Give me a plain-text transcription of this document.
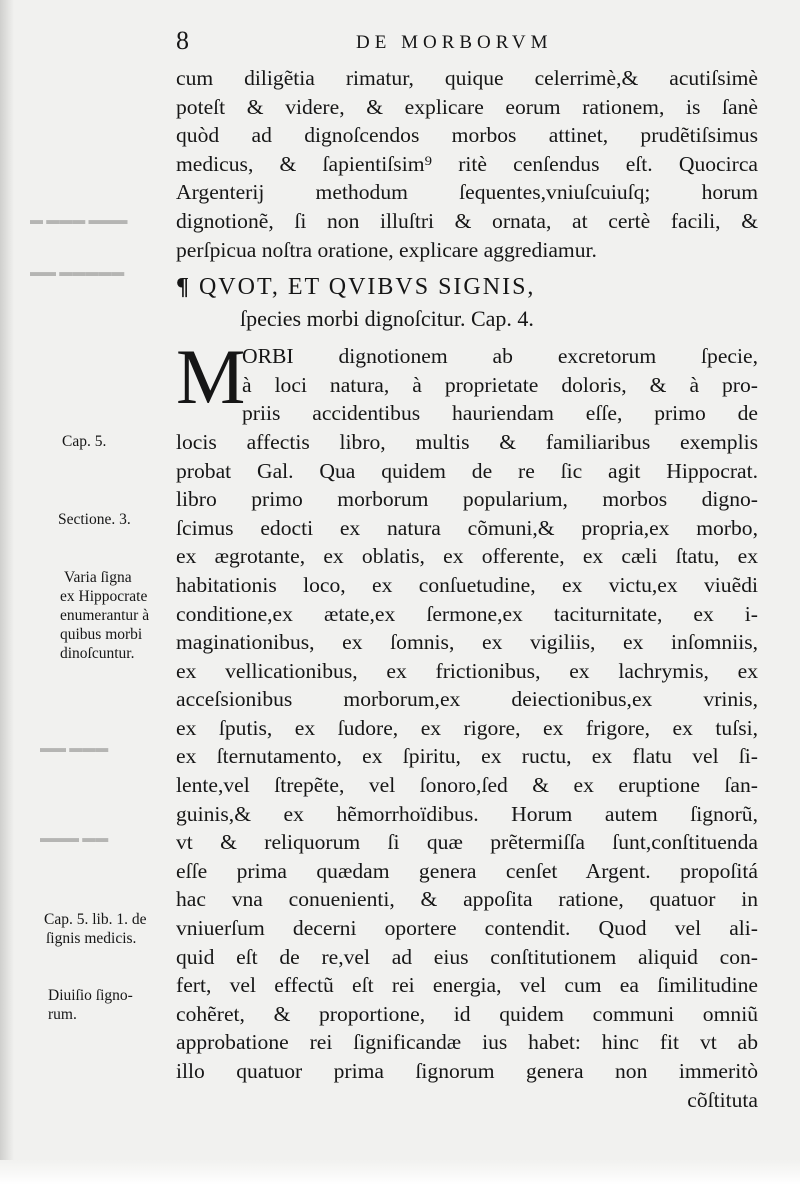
▬▬▬ ▬▬▬ ▬
▬▬▬▬▬ ▬▬
▬▬▬ ▬▬
▬▬ ▬▬▬
8	DE MORBORVM
cum diligẽtia rimatur, quique celerrimè,& acutiſsimè
poteſt & videre, & explicare eorum rationem, is ſanè
quòd ad dignoſcendos morbos attinet, prudẽtiſsimus
medicus, & ſapientiſsim⁹ ritè cenſendus eſt. Quocirca
Argenterij methodum ſequentes,vniuſcuiuſq; horum
dignotionẽ, ſi non illuſtri & ornata, at certè facili, &
perſpicua noſtra oratione, explicare aggrediamur.
¶ QVOT, ET QVIBVS SIGNIS,
ſpecies morbi dignoſcitur. Cap. 4.
M
ORBI dignotionem ab excretorum ſpecie,
à loci natura, à proprietate doloris, & à pro-
priis accidentibus hauriendam eſſe, primo de
locis affectis libro, multis & familiaribus exemplis
probat Gal. Qua quidem de re ſic agit Hippocrat.
libro primo morborum popularium, morbos digno-
ſcimus edocti ex natura cõmuni,& propria,ex morbo,
ex ægrotante, ex oblatis, ex offerente, ex cæli ſtatu, ex
habitationis loco, ex conſuetudine, ex victu,ex viuẽdi
conditione,ex ætate,ex ſermone,ex taciturnitate, ex i-
maginationibus, ex ſomnis, ex vigiliis, ex inſomniis,
ex vellicationibus, ex frictionibus, ex lachrymis, ex
acceſsionibus morborum,ex deiectionibus,ex vrinis,
ex ſputis, ex ſudore, ex rigore, ex frigore, ex tuſsi,
ex ſternutamento, ex ſpiritu, ex ructu, ex flatu vel ſi-
lente,vel ſtrepẽte, vel ſonoro,ſed & ex eruptione ſan-
guinis,& ex hẽmorrhoïdibus. Horum autem ſignorũ,
vt & reliquorum ſi quæ prẽtermiſſa ſunt,conſtituenda
eſſe prima quædam genera cenſet Argent. propoſitá
hac vna conuenienti, & appoſita ratione, quatuor in
vniuerſum decerni oportere contendit. Quod vel ali-
quid eſt de re,vel ad eius conſtitutionem aliquid con-
fert, vel effectũ eſt rei energia, vel cum ea ſimilitudine
cohẽret, & proportione, id quidem communi omniũ
approbatione rei ſignificandæ ius habet: hinc fit vt ab
illo quatuor prima ſignorum genera non immeritò
cõſtituta
Cap. 5.
Sectione. 3.
Varia ſigna
ex Hippocrate
enumerantur à
quibus morbi
dinoſcuntur.
Cap. 5. lib. 1. de
ſignis medicis.
Diuiſio ſigno-
rum.
